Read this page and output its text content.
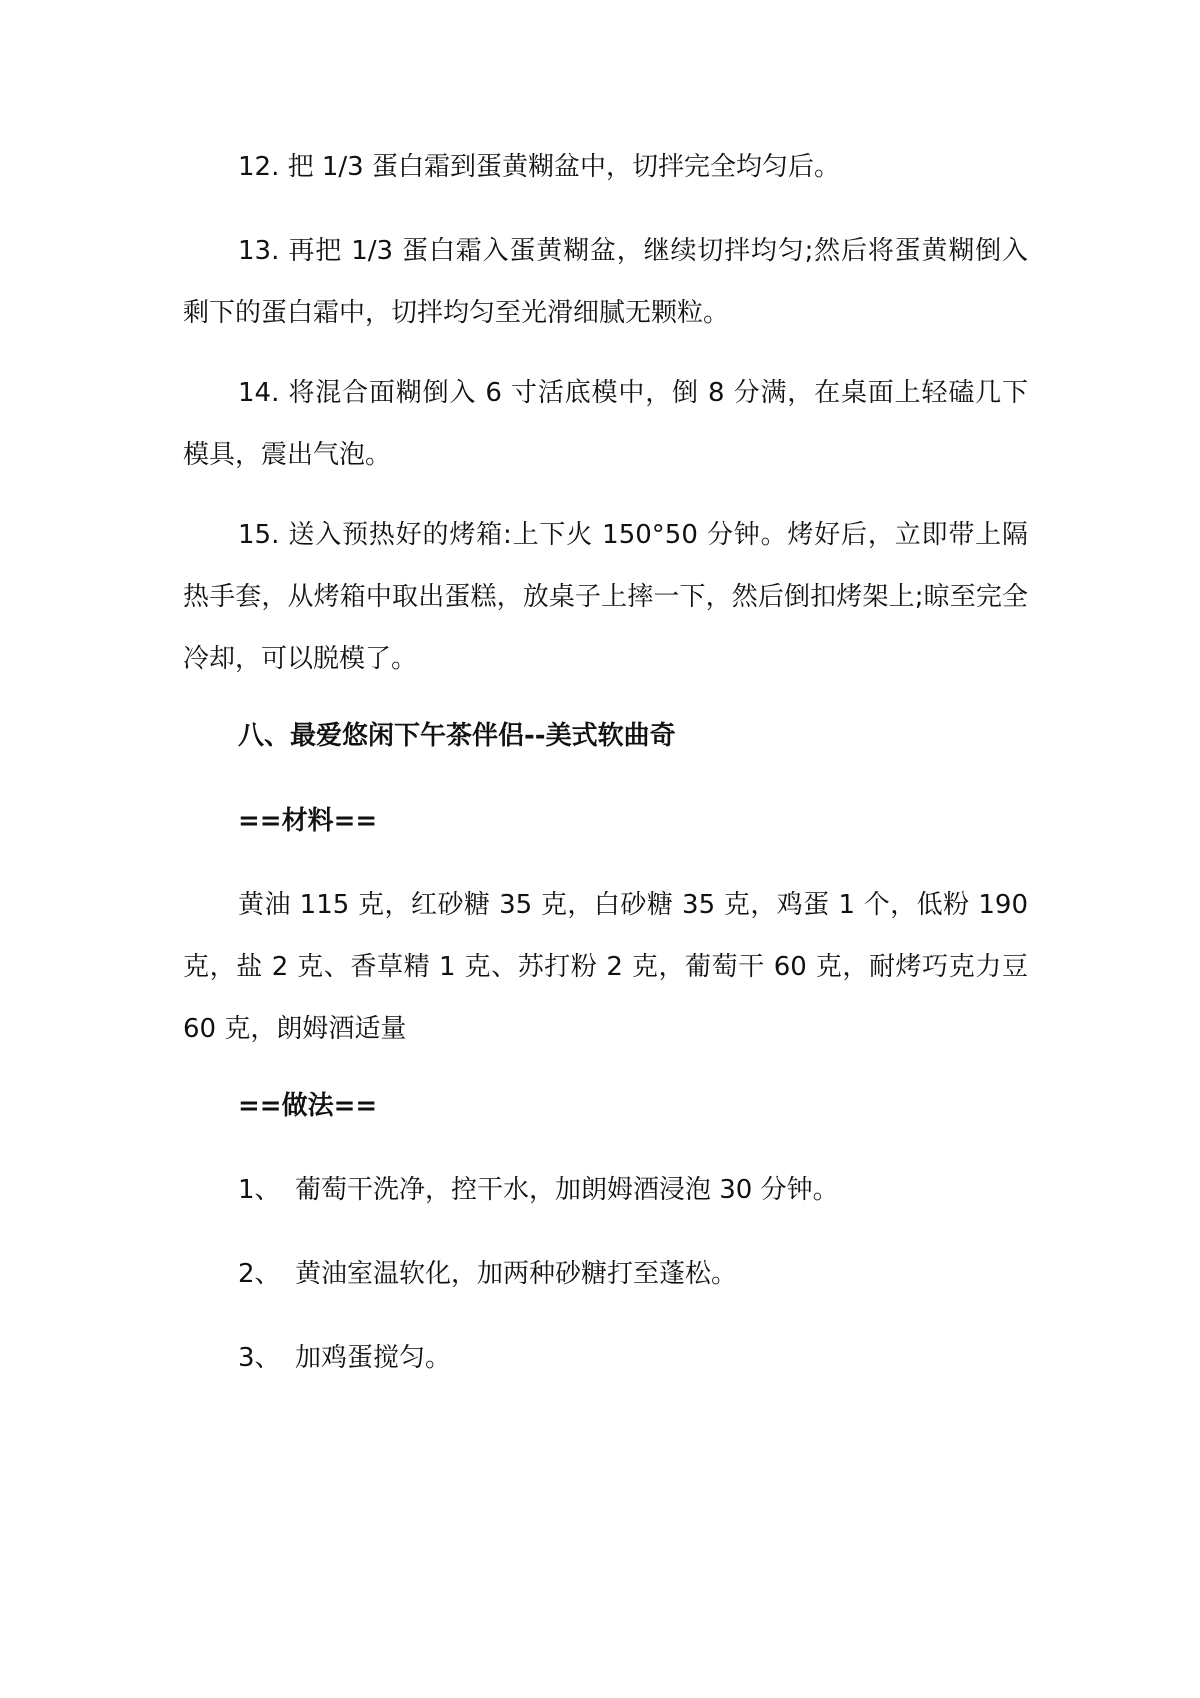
12. 把 1/3 蛋白霜到蛋黄糊盆中，切拌完全均匀后。

13. 再把 1/3 蛋白霜入蛋黄糊盆，继续切拌均匀;然后将蛋黄糊倒入剩下的蛋白霜中，切拌均匀至光滑细腻无颗粒。

14. 将混合面糊倒入 6 寸活底模中，倒 8 分满，在桌面上轻磕几下模具，震出气泡。

15. 送入预热好的烤箱:上下火 150°50 分钟。烤好后，立即带上隔热手套，从烤箱中取出蛋糕，放桌子上摔一下，然后倒扣烤架上;晾至完全冷却，可以脱模了。

八、最爱悠闲下午茶伴侣--美式软曲奇

==材料==

黄油 115 克，红砂糖 35 克，白砂糖 35 克，鸡蛋 1 个，低粉 190 克，盐 2 克、香草精 1 克、苏打粉 2 克，葡萄干 60 克，耐烤巧克力豆 60 克，朗姆酒适量

==做法==

1、 葡萄干洗净，控干水，加朗姆酒浸泡 30 分钟。

2、 黄油室温软化，加两种砂糖打至蓬松。

3、 加鸡蛋搅匀。
